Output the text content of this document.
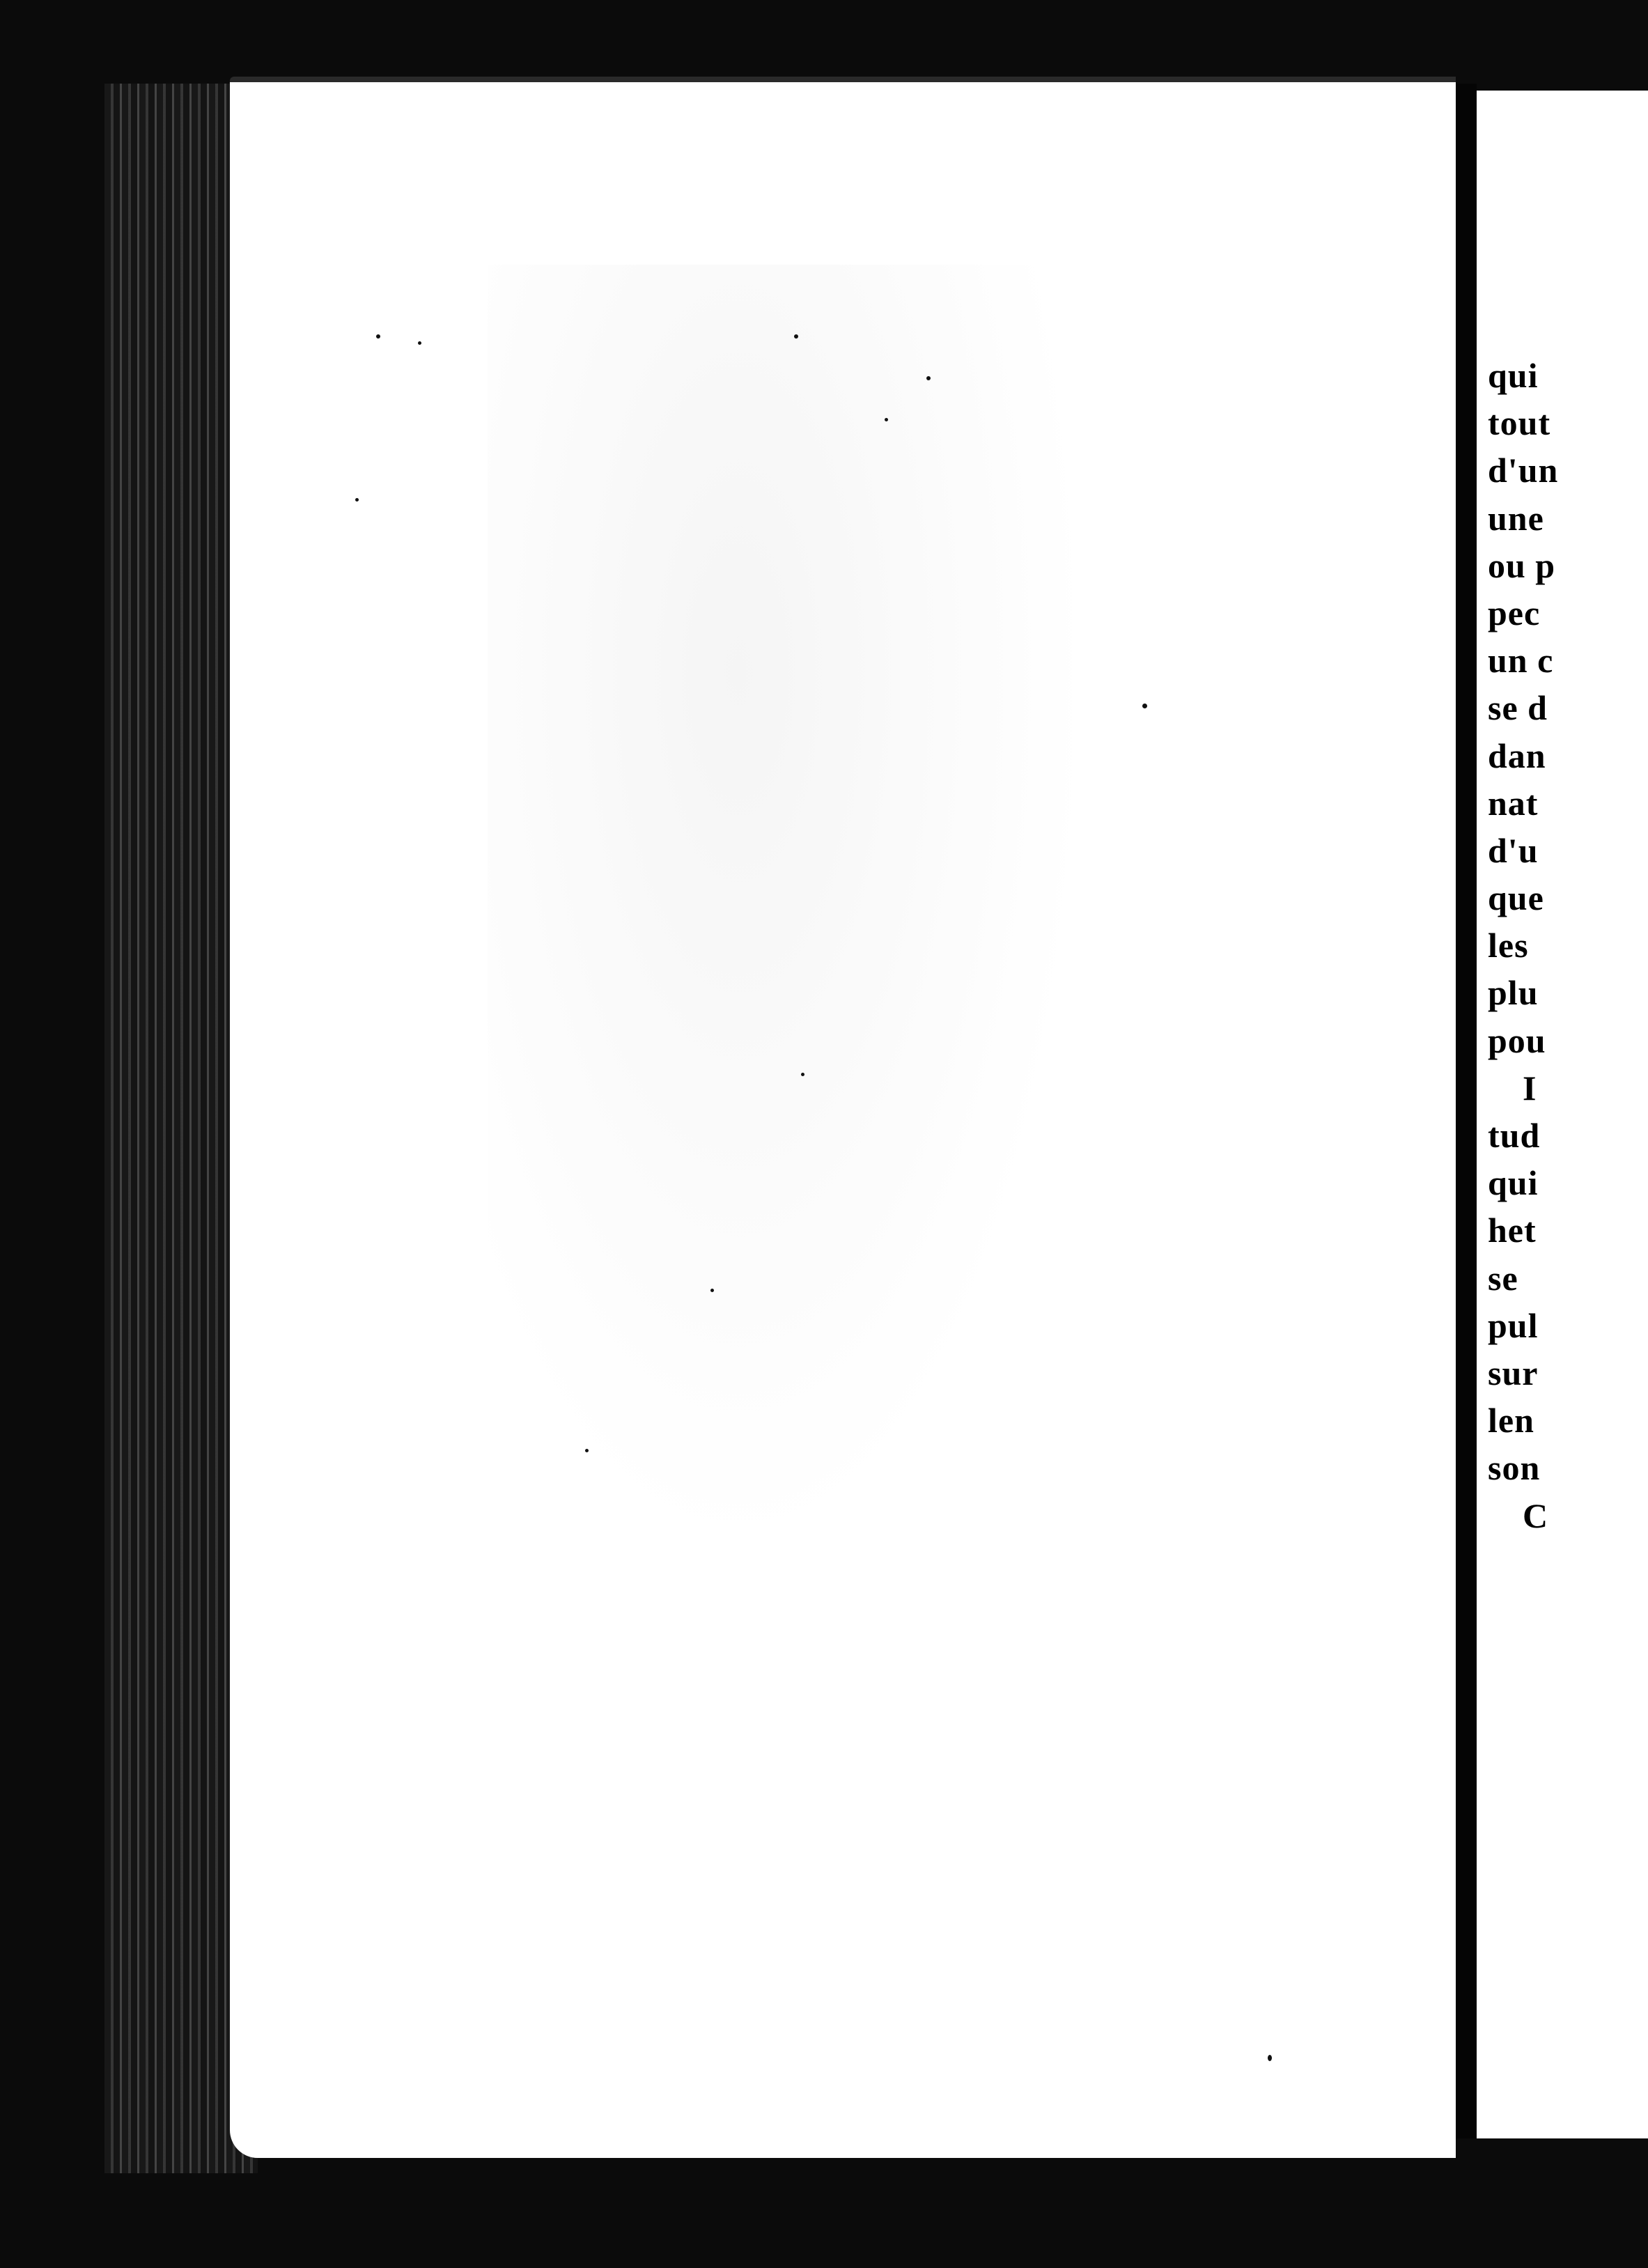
qui
tout
d'un
une
ou p
pec
un c
se d
dan
nat
d'u
que
les
plu
pou
I
tud
qui
het
se
pul
sur
len
son
C
